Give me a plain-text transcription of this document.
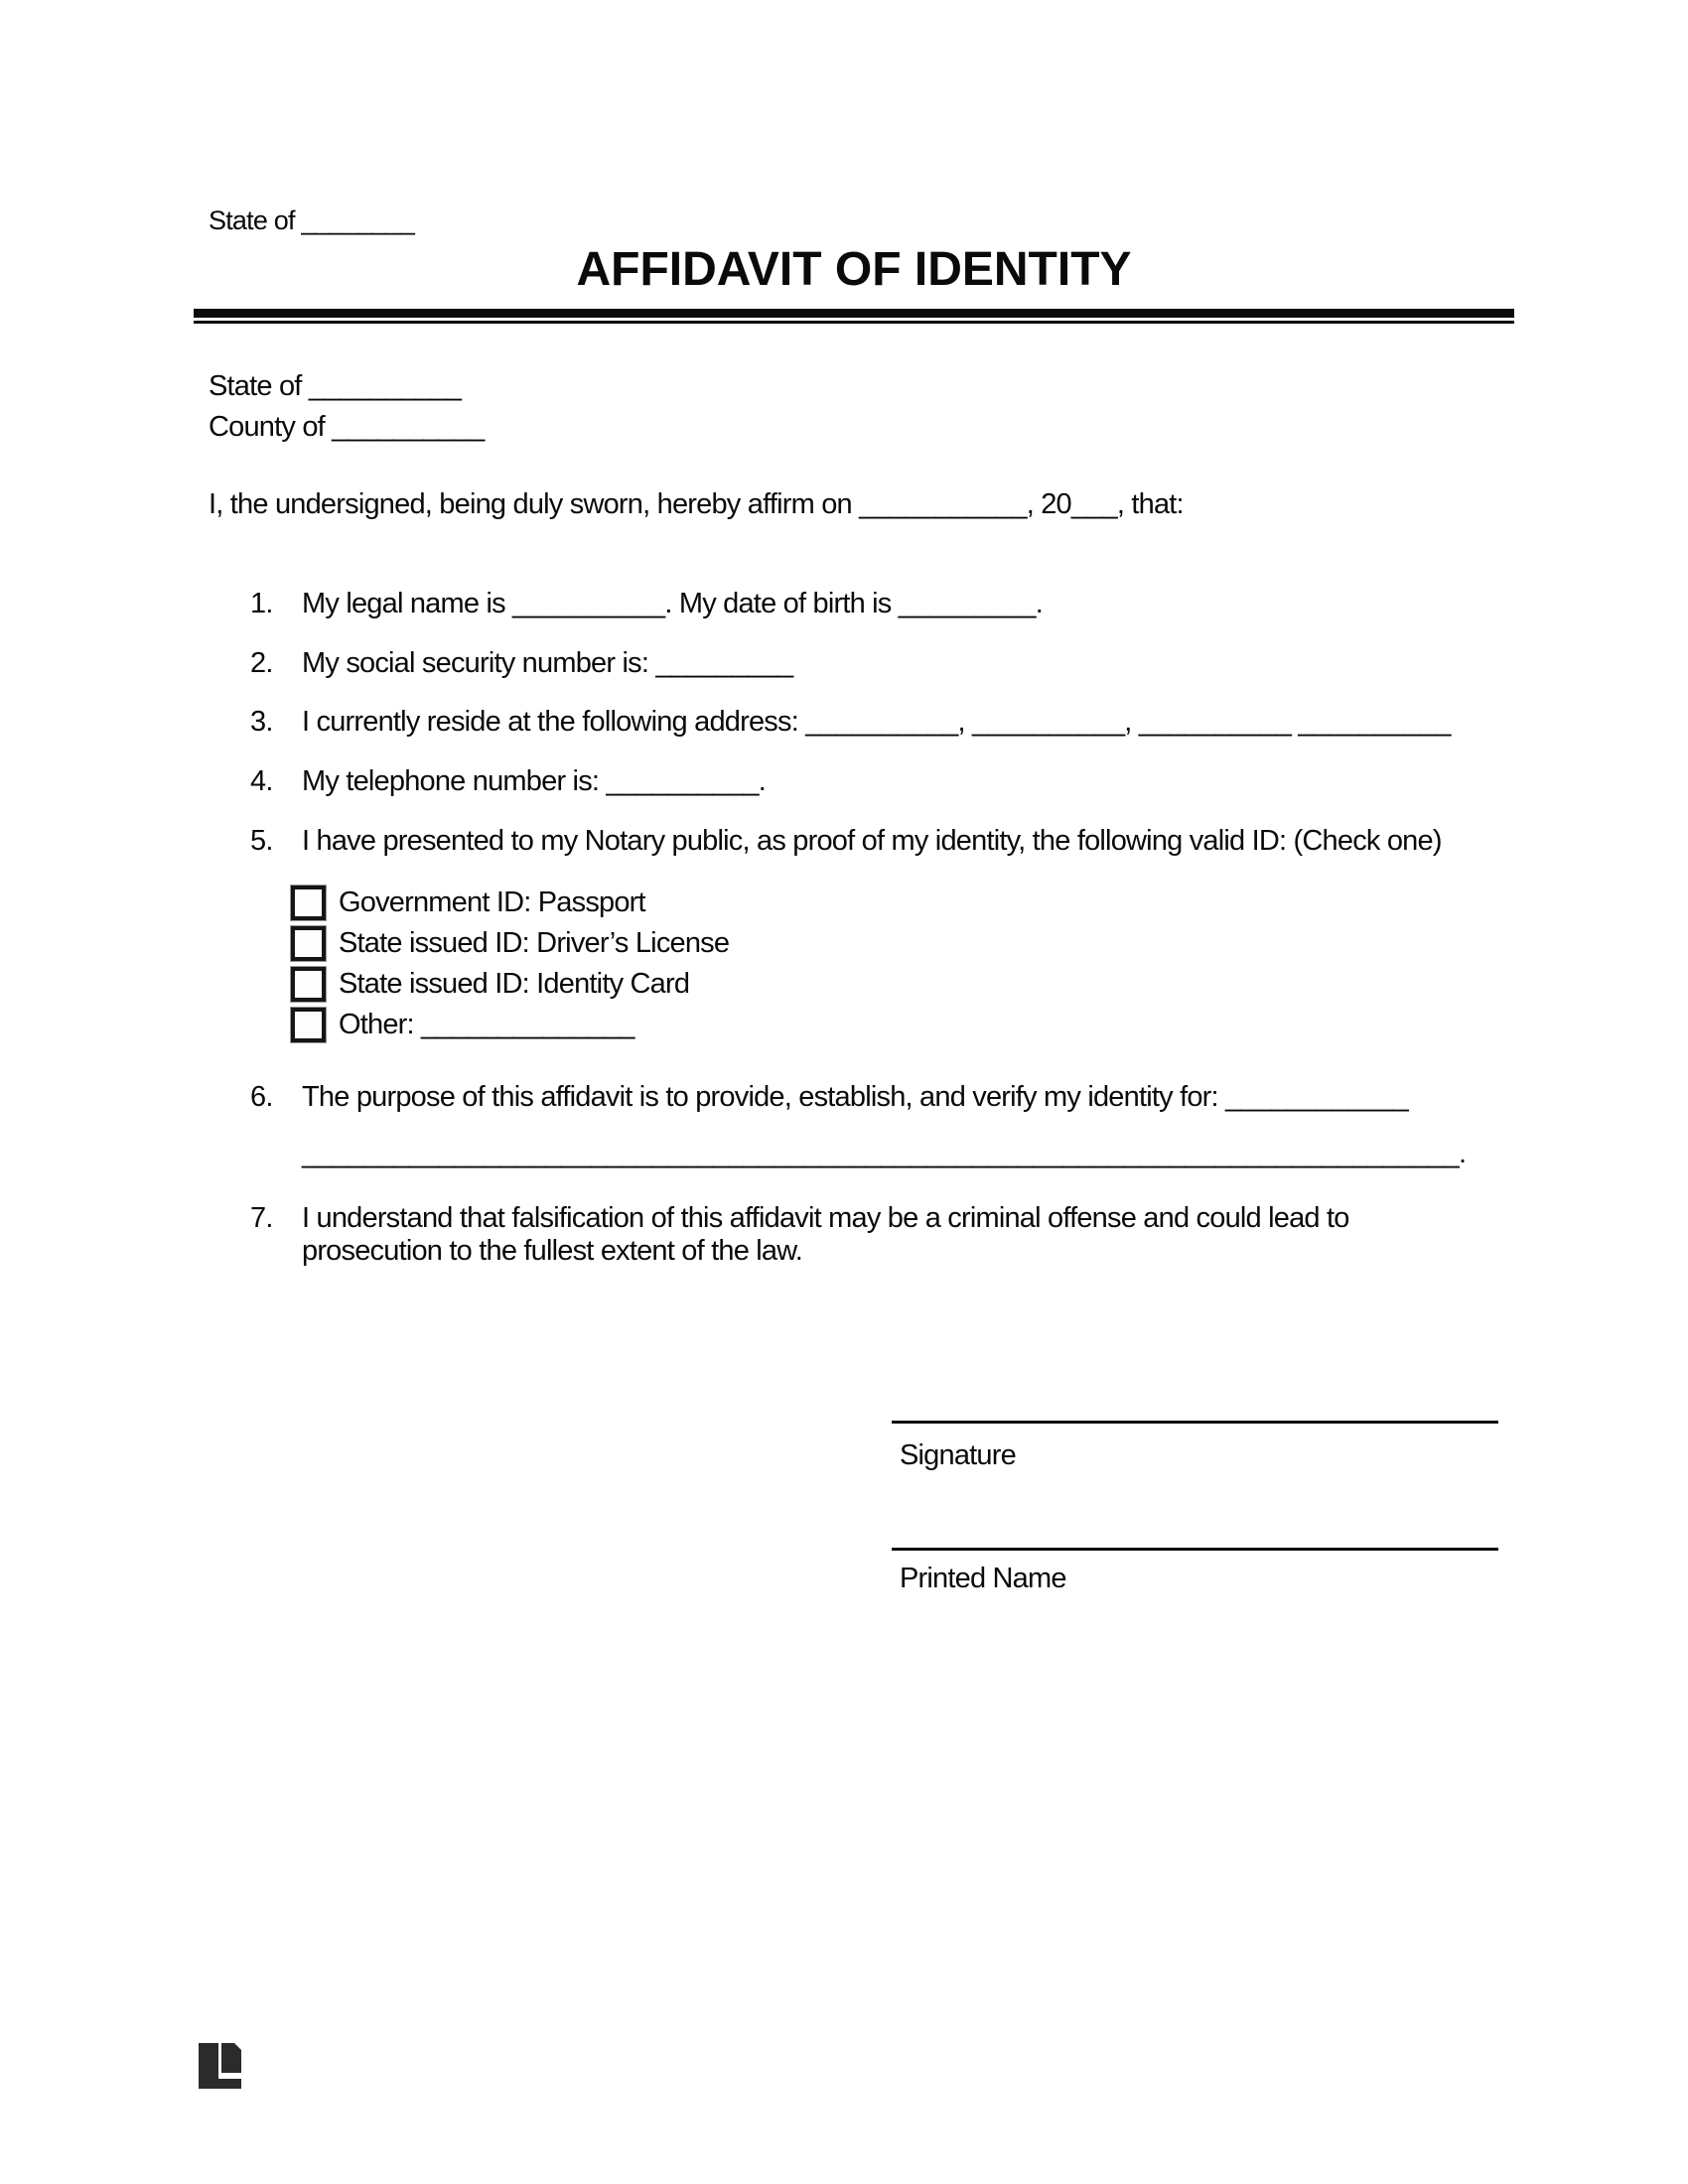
State of ________
AFFIDAVIT OF IDENTITY
State of __________
County of __________
I, the undersigned, being duly sworn, hereby affirm on ___________, 20___, that:
1. My legal name is __________. My date of birth is _________.
2. My social security number is: _________
3. I currently reside at the following address: __________, __________, __________ __________
4. My telephone number is: __________.
5. I have presented to my Notary public, as proof of my identity, the following valid ID: (Check one)
Government ID: Passport
State issued ID: Driver’s License
State issued ID: Identity Card
Other: ______________
6. The purpose of this affidavit is to provide, establish, and verify my identity for: ____________
____________________________________________________________________________.
7. I understand that falsification of this affidavit may be a criminal offense and could lead to prosecution to the fullest extent of the law.
Signature
Printed Name
